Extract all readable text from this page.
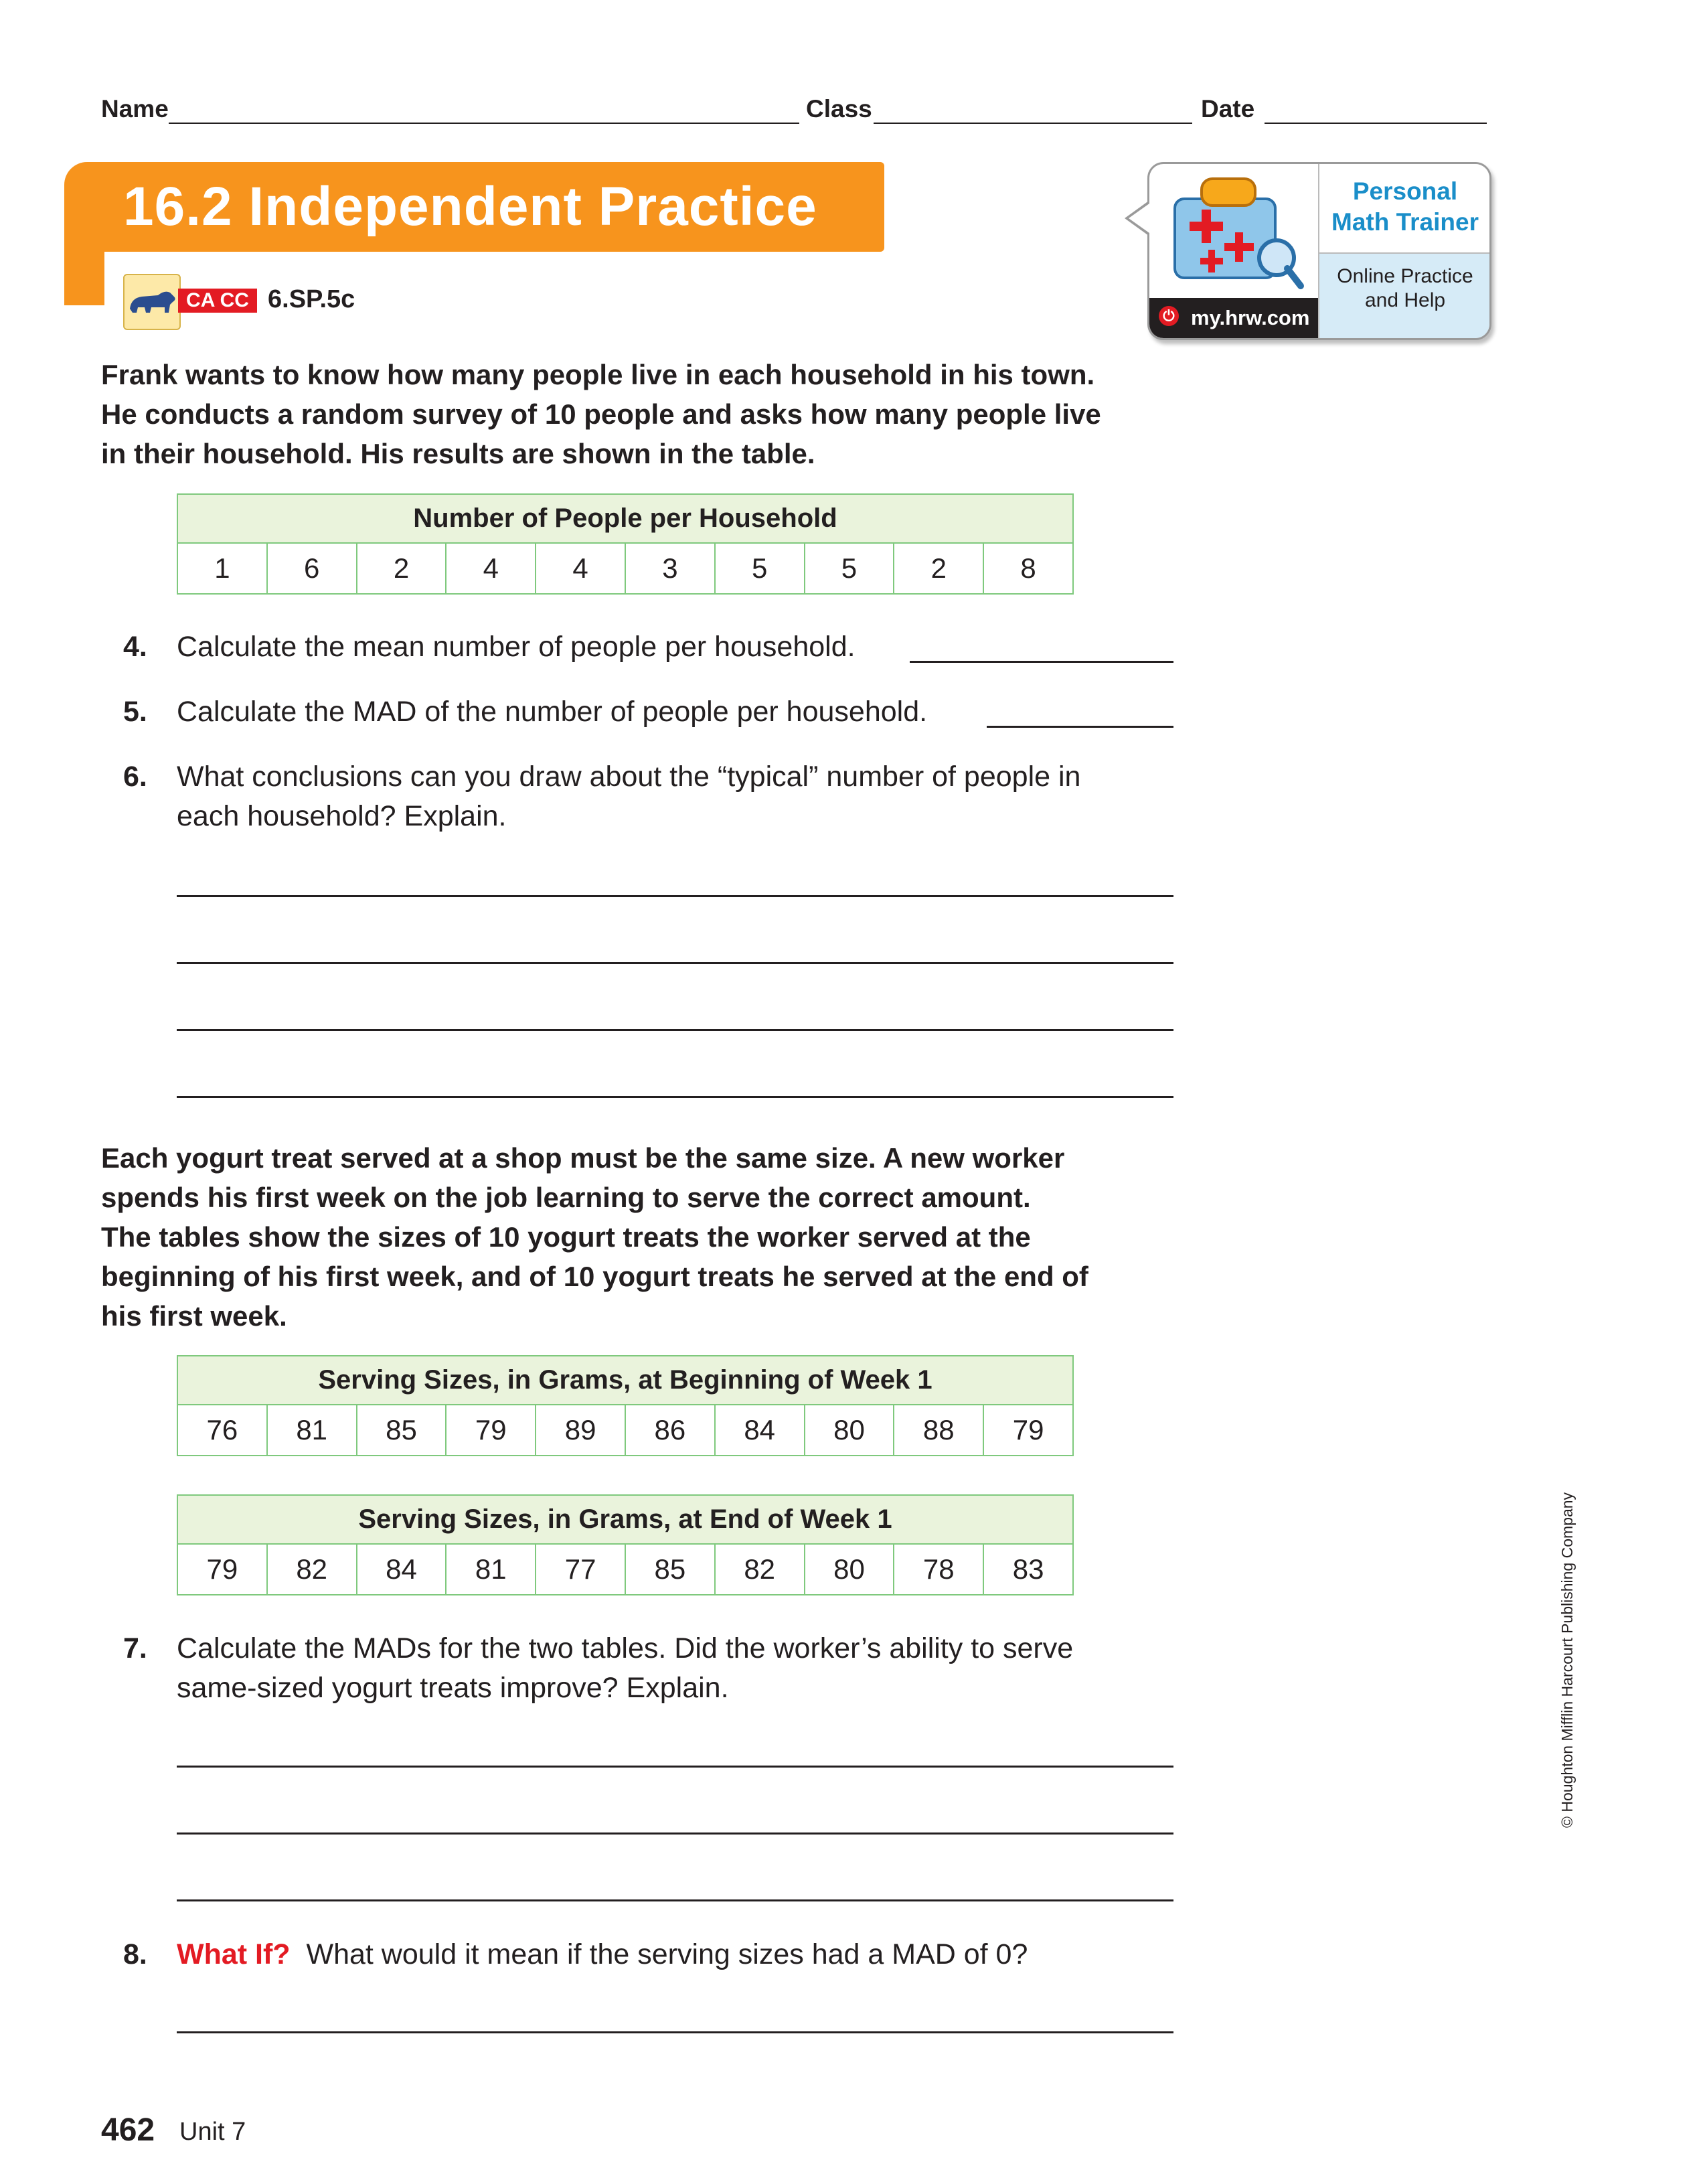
Name	Class	Date
16.2 Independent Practice
CA CC 6.SP.5c
⏻ my.hrw.com
Personal
Math Trainer
Online Practice
and Help
Frank wants to know how many people live in each household in his town.
He conducts a random survey of 10 people and asks how many people live
in their household. His results are shown in the table.
Number of People per Household
1	6	2	4	4	3	5	5	2	8
4. Calculate the mean number of people per household.
5. Calculate the MAD of the number of people per household.
6. What conclusions can you draw about the “typical” number of people in
each household? Explain.
Each yogurt treat served at a shop must be the same size. A new worker
spends his first week on the job learning to serve the correct amount.
The tables show the sizes of 10 yogurt treats the worker served at the
beginning of his first week, and of 10 yogurt treats he served at the end of
his first week.
Serving Sizes, in Grams, at Beginning of Week 1
76	81	85	79	89	86	84	80	88	79
Serving Sizes, in Grams, at End of Week 1
79	82	84	81	77	85	82	80	78	83
7. Calculate the MADs for the two tables. Did the worker’s ability to serve
same-sized yogurt treats improve? Explain.
8. What If? What would it mean if the serving sizes had a MAD of 0?
462 Unit 7
© Houghton Mifflin Harcourt Publishing Company
